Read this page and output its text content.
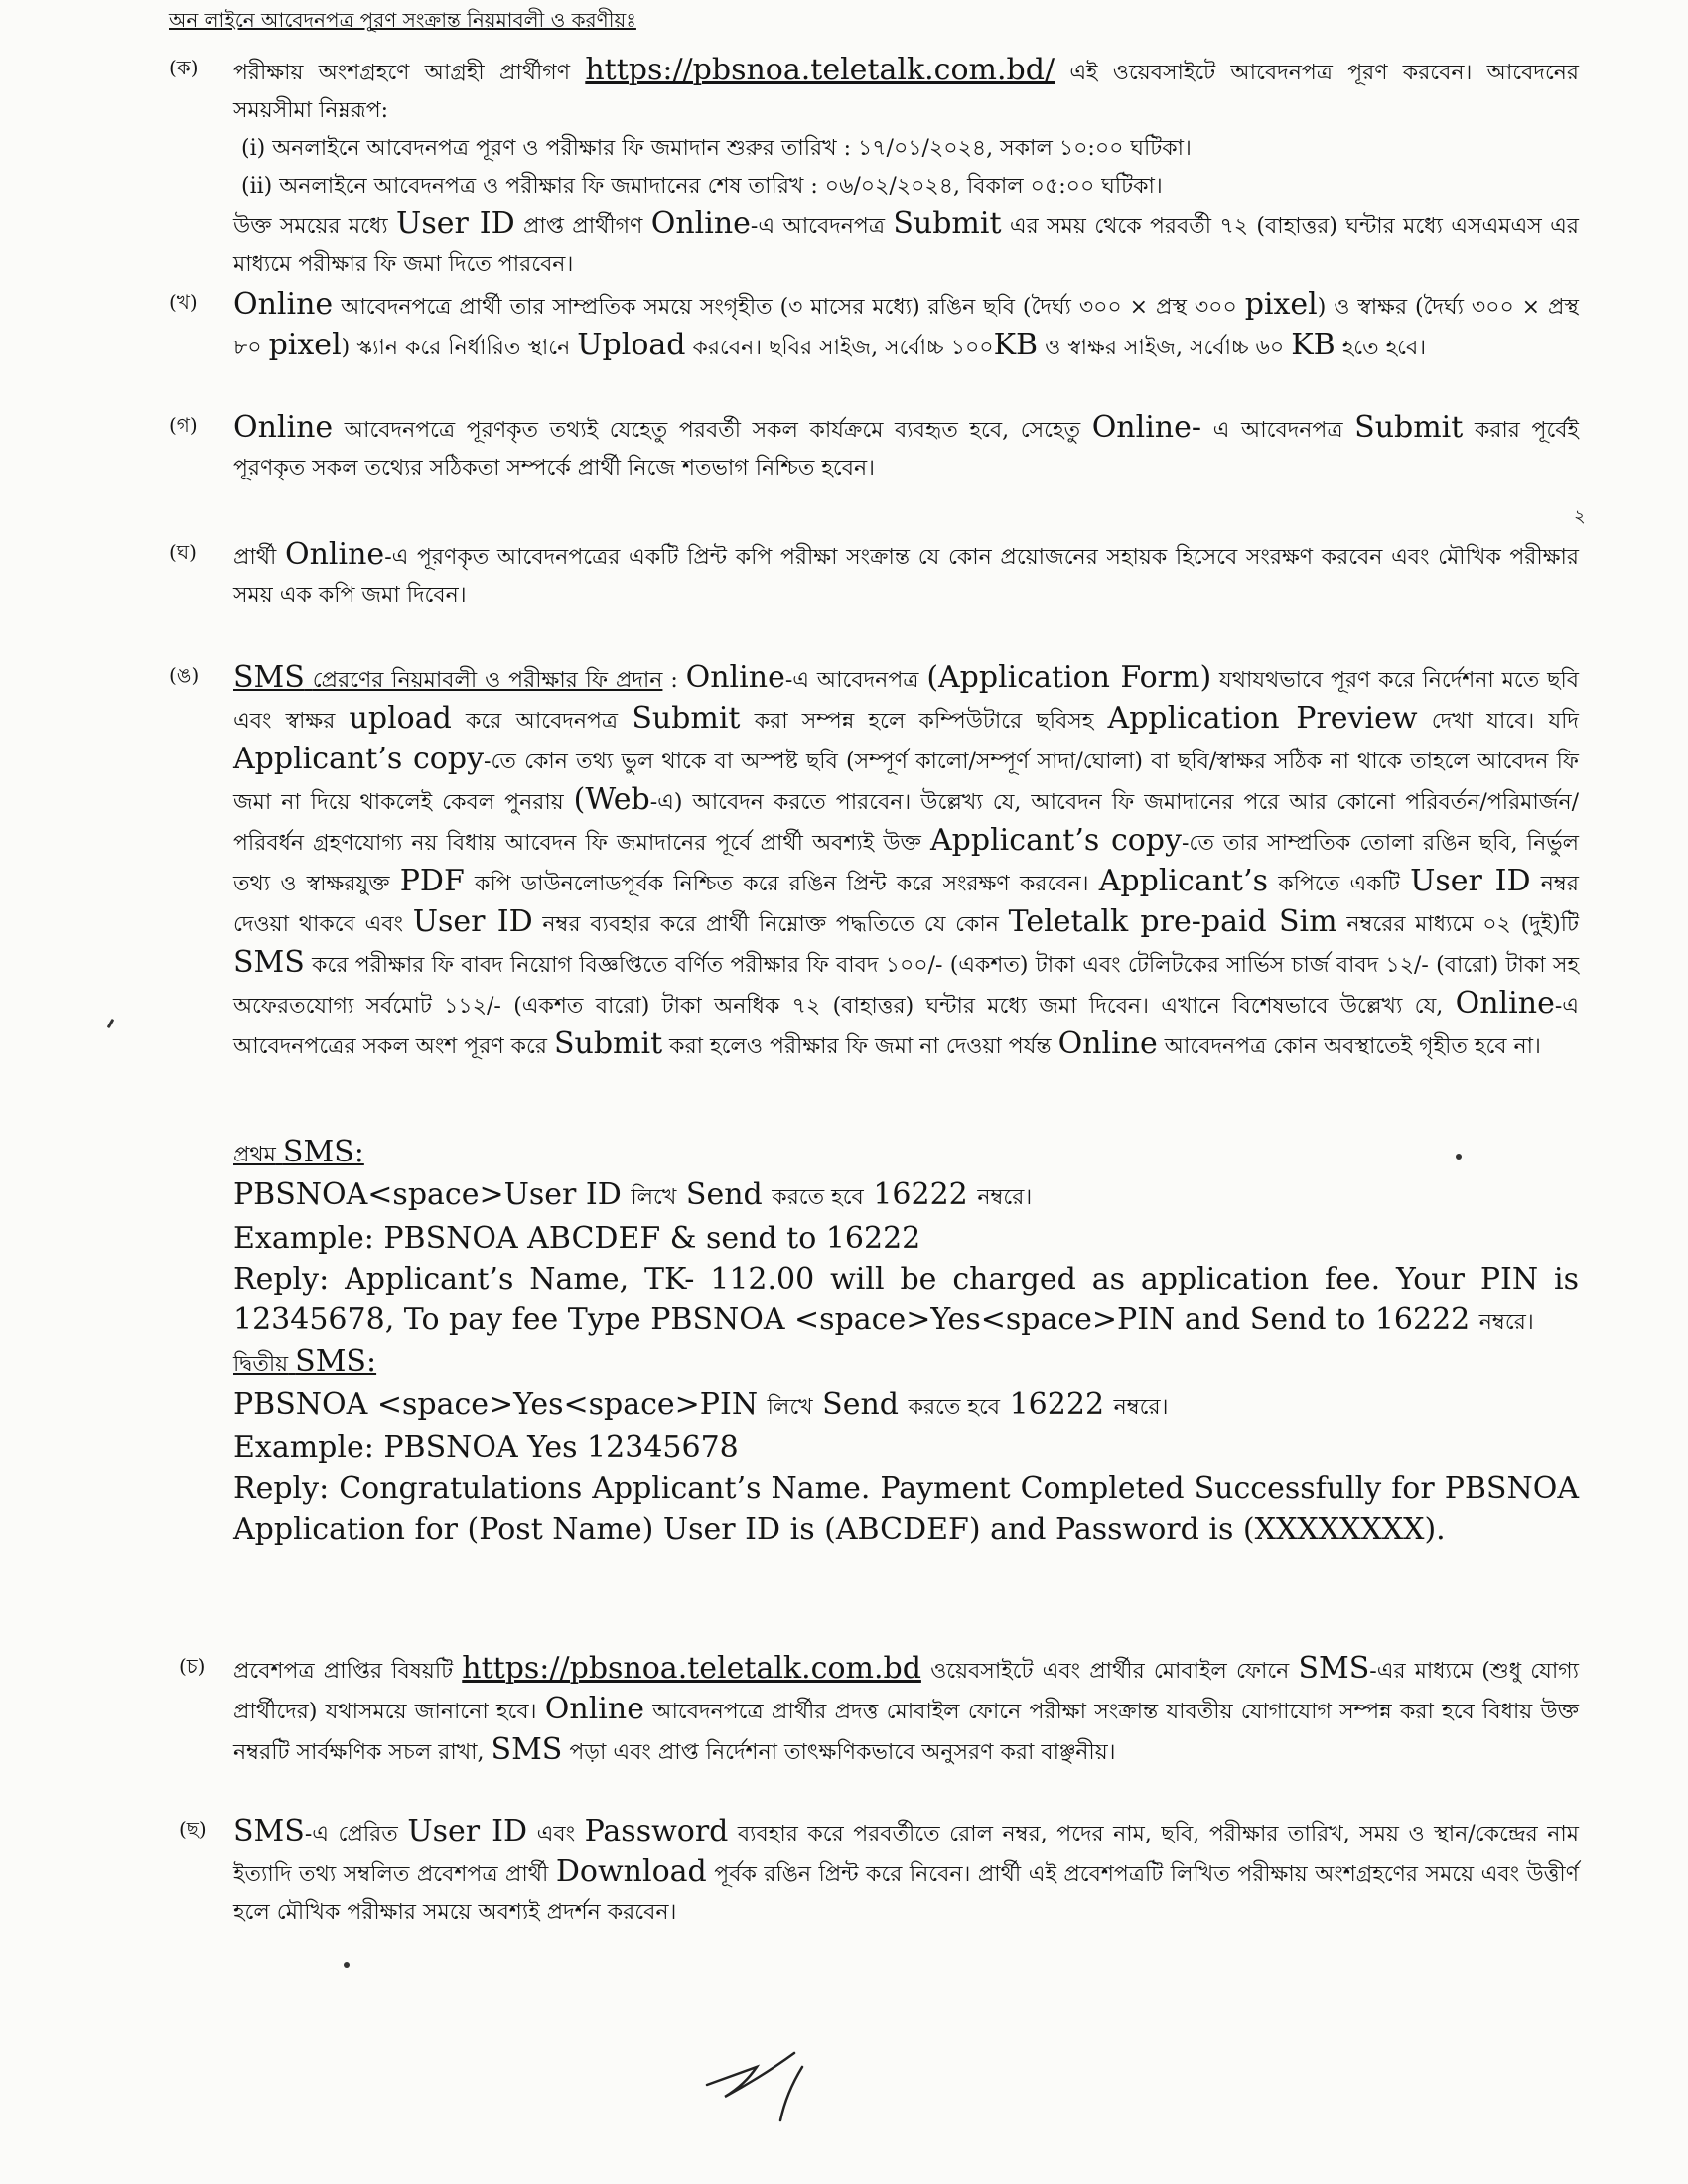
অন লাইনে আবেদনপত্র পূরণ সংক্রান্ত নিয়মাবলী ও করণীয়ঃ
(ক) পরীক্ষায় অংশগ্রহণে আগ্রহী প্রার্থীগণ https://pbsnoa.teletalk.com.bd/ এই ওয়েবসাইটে আবেদনপত্র পূরণ করবেন। আবেদনের সময়সীমা নিম্নরূপ:
(i) অনলাইনে আবেদনপত্র পূরণ ও পরীক্ষার ফি জমাদান শুরুর তারিখ : ১৭/০১/২০২৪, সকাল ১০:০০ ঘটিকা।
(ii) অনলাইনে আবেদনপত্র ও পরীক্ষার ফি জমাদানের শেষ তারিখ : ০৬/০২/২০২৪, বিকাল ০৫:০০ ঘটিকা।
উক্ত সময়ের মধ্যে User ID প্রাপ্ত প্রার্থীগণ Online-এ আবেদনপত্র Submit এর সময় থেকে পরবর্তী ৭২ (বাহাত্তর) ঘন্টার মধ্যে এসএমএস এর মাধ্যমে পরীক্ষার ফি জমা দিতে পারবেন।
(খ) Online আবেদনপত্রে প্রার্থী তার সাম্প্রতিক সময়ে সংগৃহীত (৩ মাসের মধ্যে) রঙিন ছবি (দৈর্ঘ্য ৩০০ × প্রস্থ ৩০০ pixel) ও স্বাক্ষর (দৈর্ঘ্য ৩০০ × প্রস্থ ৮০ pixel) স্ক্যান করে নির্ধারিত স্থানে Upload করবেন। ছবির সাইজ, সর্বোচ্চ ১০০KB ও স্বাক্ষর সাইজ, সর্বোচ্চ ৬০ KB হতে হবে।
(গ) Online আবেদনপত্রে পূরণকৃত তথ্যই যেহেতু পরবর্তী সকল কার্যক্রমে ব্যবহৃত হবে, সেহেতু Online- এ আবেদনপত্র Submit করার পূর্বেই পূরণকৃত সকল তথ্যের সঠিকতা সম্পর্কে প্রার্থী নিজে শতভাগ নিশ্চিত হবেন।
২
(ঘ) প্রার্থী Online-এ পূরণকৃত আবেদনপত্রের একটি প্রিন্ট কপি পরীক্ষা সংক্রান্ত যে কোন প্রয়োজনের সহায়ক হিসেবে সংরক্ষণ করবেন এবং মৌখিক পরীক্ষার সময় এক কপি জমা দিবেন।
(ঙ) SMS প্রেরণের নিয়মাবলী ও পরীক্ষার ফি প্রদান : Online-এ আবেদনপত্র (Application Form) যথাযথভাবে পূরণ করে নির্দেশনা মতে ছবি এবং স্বাক্ষর upload করে আবেদনপত্র Submit করা সম্পন্ন হলে কম্পিউটারে ছবিসহ Application Preview দেখা যাবে। যদি Applicant’s copy-তে কোন তথ্য ভুল থাকে বা অস্পষ্ট ছবি (সম্পূর্ণ কালো/সম্পূর্ণ সাদা/ঘোলা) বা ছবি/স্বাক্ষর সঠিক না থাকে তাহলে আবেদন ফি জমা না দিয়ে থাকলেই কেবল পুনরায় (Web-এ) আবেদন করতে পারবেন। উল্লেখ্য যে, আবেদন ফি জমাদানের পরে আর কোনো পরিবর্তন/পরিমার্জন/পরিবর্ধন গ্রহণযোগ্য নয় বিধায় আবেদন ফি জমাদানের পূর্বে প্রার্থী অবশ্যই উক্ত Applicant’s copy-তে তার সাম্প্রতিক তোলা রঙিন ছবি, নির্ভুল তথ্য ও স্বাক্ষরযুক্ত PDF কপি ডাউনলোডপূর্বক নিশ্চিত করে রঙিন প্রিন্ট করে সংরক্ষণ করবেন। Applicant’s কপিতে একটি User ID নম্বর দেওয়া থাকবে এবং User ID নম্বর ব্যবহার করে প্রার্থী নিম্নোক্ত পদ্ধতিতে যে কোন Teletalk pre-paid Sim নম্বরের মাধ্যমে ০২ (দুই)টি SMS করে পরীক্ষার ফি বাবদ নিয়োগ বিজ্ঞপ্তিতে বর্ণিত পরীক্ষার ফি বাবদ ১০০/- (একশত) টাকা এবং টেলিটকের সার্ভিস চার্জ বাবদ ১২/- (বারো) টাকা সহ অফেরতযোগ্য সর্বমোট ১১২/- (একশত বারো) টাকা অনধিক ৭২ (বাহাত্তর) ঘন্টার মধ্যে জমা দিবেন। এখানে বিশেষভাবে উল্লেখ্য যে, Online-এ আবেদনপত্রের সকল অংশ পূরণ করে Submit করা হলেও পরীক্ষার ফি জমা না দেওয়া পর্যন্ত Online আবেদনপত্র কোন অবস্থাতেই গৃহীত হবে না।
প্রথম SMS:
PBSNOA<space>User ID লিখে Send করতে হবে 16222 নম্বরে।
Example: PBSNOA ABCDEF & send to 16222
Reply: Applicant’s Name, TK- 112.00 will be charged as application fee. Your PIN is 12345678, To pay fee Type PBSNOA <space>Yes<space>PIN and Send to 16222 নম্বরে।
দ্বিতীয় SMS:
PBSNOA <space>Yes<space>PIN লিখে Send করতে হবে 16222 নম্বরে।
Example: PBSNOA Yes 12345678
Reply: Congratulations Applicant’s Name. Payment Completed Successfully for PBSNOA Application for (Post Name) User ID is (ABCDEF) and Password is (XXXXXXXX).
(চ) প্রবেশপত্র প্রাপ্তির বিষয়টি https://pbsnoa.teletalk.com.bd ওয়েবসাইটে এবং প্রার্থীর মোবাইল ফোনে SMS-এর মাধ্যমে (শুধু যোগ্য প্রার্থীদের) যথাসময়ে জানানো হবে। Online আবেদনপত্রে প্রার্থীর প্রদত্ত মোবাইল ফোনে পরীক্ষা সংক্রান্ত যাবতীয় যোগাযোগ সম্পন্ন করা হবে বিধায় উক্ত নম্বরটি সার্বক্ষণিক সচল রাখা, SMS পড়া এবং প্রাপ্ত নির্দেশনা তাৎক্ষণিকভাবে অনুসরণ করা বাঞ্ছনীয়।
(ছ) SMS-এ প্রেরিত User ID এবং Password ব্যবহার করে পরবর্তীতে রোল নম্বর, পদের নাম, ছবি, পরীক্ষার তারিখ, সময় ও স্থান/কেন্দ্রের নাম ইত্যাদি তথ্য সম্বলিত প্রবেশপত্র প্রার্থী Download পূর্বক রঙিন প্রিন্ট করে নিবেন। প্রার্থী এই প্রবেশপত্রটি লিখিত পরীক্ষায় অংশগ্রহণের সময়ে এবং উত্তীর্ণ হলে মৌখিক পরীক্ষার সময়ে অবশ্যই প্রদর্শন করবেন।
